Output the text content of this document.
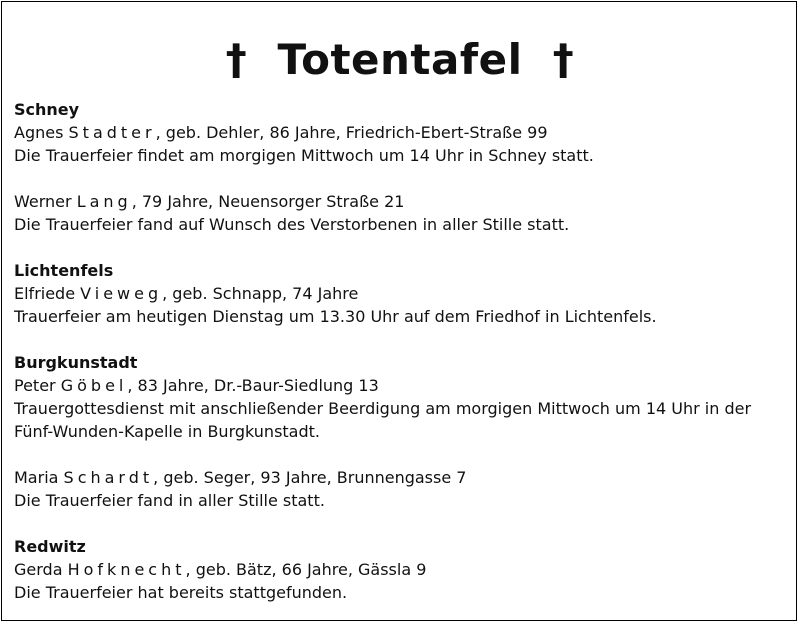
† Totentafel †

Schney

Agnes Stadter, geb. Dehler, 86 Jahre, Friedrich-Ebert-Straße 99

Die Trauerfeier findet am morgigen Mittwoch um 14 Uhr in Schney statt.

Werner Lang, 79 Jahre, Neuensorger Straße 21

Die Trauerfeier fand auf Wunsch des Verstorbenen in aller Stille statt.

Lichtenfels

Elfriede Vieweg, geb. Schnapp, 74 Jahre

Trauerfeier am heutigen Dienstag um 13.30 Uhr auf dem Friedhof in Lichtenfels.

Burgkunstadt

Peter Göbel, 83 Jahre, Dr.-Baur-Siedlung 13

Trauergottesdienst mit anschließender Beerdigung am morgigen Mittwoch um 14 Uhr in der Fünf-Wunden-Kapelle in Burgkunstadt.

Maria Schardt, geb. Seger, 93 Jahre, Brunnengasse 7

Die Trauerfeier fand in aller Stille statt.

Redwitz

Gerda Hofknecht, geb. Bätz, 66 Jahre, Gässla 9

Die Trauerfeier hat bereits stattgefunden.
